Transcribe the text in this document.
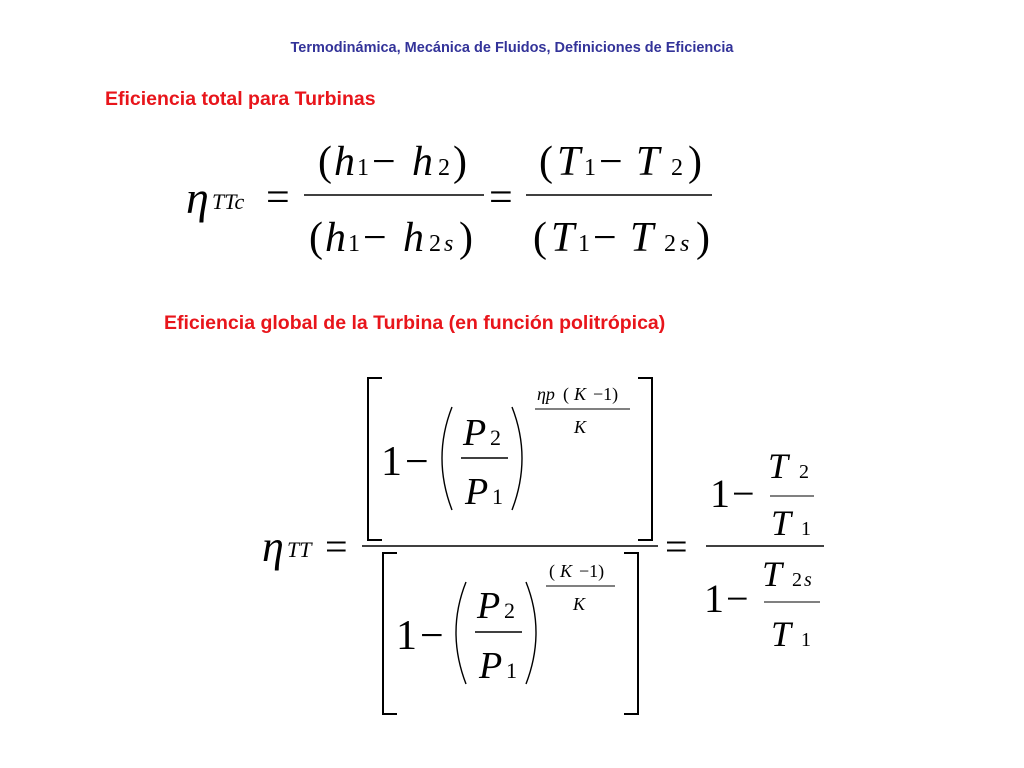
Termodinámica, Mecánica de Fluidos, Definiciones de Eficiencia
Eficiencia total para Turbinas
η TTc =
( h 1 − h 2 )
( h 1 − h 2 s )
=
( T 1 − T 2 )
( T 1 − T 2 s )
Eficiencia global de la Turbina (en función politrópica)
η TT =
1 −
P 2
P 1
ηp ( K −1)
K
1 −
P 2
P 1
( K −1)
K
=
1 −
T 2
T 1
1 −
T 2 s
T 1
